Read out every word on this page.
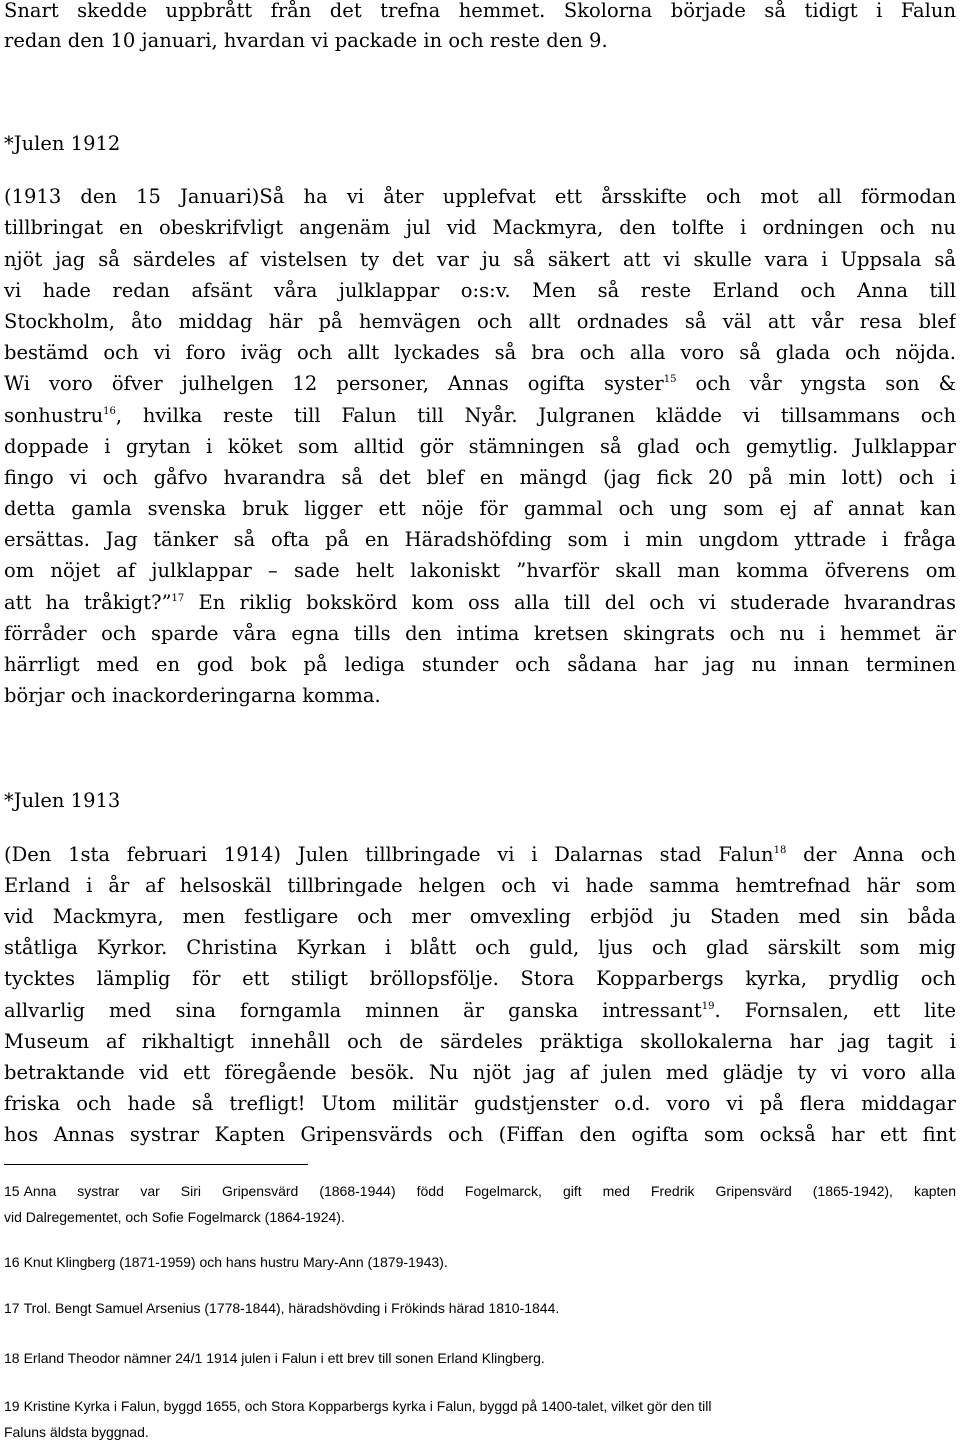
Snart skedde uppbrått från det trefna hemmet. Skolorna började så tidigt i Falun
redan den 10 januari, hvardan vi packade in och reste den 9.
*Julen 1912
(1913 den 15 Januari)Så ha vi åter upplefvat ett årsskifte och mot all förmodan
tillbringat en obeskrifvligt angenäm jul vid Mackmyra, den tolfte i ordningen och nu
njöt jag så särdeles af vistelsen ty det var ju så säkert att vi skulle vara i Uppsala så
vi hade redan afsänt våra julklappar o:s:v. Men så reste Erland och Anna till
Stockholm, åto middag här på hemvägen och allt ordnades så väl att vår resa blef
bestämd och vi foro iväg och allt lyckades så bra och alla voro så glada och nöjda.
Wi voro öfver julhelgen 12 personer, Annas ogifta syster$^{15}$ och vår yngsta son &
sonhustru$^{16}$, hvilka reste till Falun till Nyår. Julgranen klädde vi tillsammans och
doppade i grytan i köket som alltid gör stämningen så glad och gemytlig. Julklappar
fingo vi och gåfvo hvarandra så det blef en mängd (jag fick 20 på min lott) och i
detta gamla svenska bruk ligger ett nöje för gammal och ung som ej af annat kan
ersättas. Jag tänker så ofta på en Häradshöfding som i min ungdom yttrade i fråga
om nöjet af julklappar – sade helt lakoniskt ”hvarför skall man komma öfverens om
att ha tråkigt?”$^{17}$ En riklig bokskörd kom oss alla till del och vi studerade hvarandras
förråder och sparde våra egna tills den intima kretsen skingrats och nu i hemmet är
härrligt med en god bok på lediga stunder och sådana har jag nu innan terminen
börjar och inackorderingarna komma.
*Julen 1913
(Den 1sta februari 1914) Julen tillbringade vi i Dalarnas stad Falun$^{18}$ der Anna och
Erland i år af helsoskäl tillbringade helgen och vi hade samma hemtrefnad här som
vid Mackmyra, men festligare och mer omvexling erbjöd ju Staden med sin båda
ståtliga Kyrkor. Christina Kyrkan i blått och guld, ljus och glad särskilt som mig
tycktes lämplig för ett stiligt bröllopsfölje. Stora Kopparbergs kyrka, prydlig och
allvarlig med sina forngamla minnen är ganska intressant$^{19}$. Fornsalen, ett lite
Museum af rikhaltigt innehåll och de särdeles präktiga skollokalerna har jag tagit i
betraktande vid ett föregående besök. Nu njöt jag af julen med glädje ty vi voro alla
friska och hade så trefligt! Utom militär gudstjenster o.d. voro vi på flera middagar
hos Annas systrar Kapten Gripensvärds och (Fiffan den ogifta som också har ett fint
15 Anna systrar var Siri Gripensvärd (1868-1944) född Fogelmarck, gift med Fredrik Gripensvärd (1865-1942), kapten
vid Dalregementet, och Sofie Fogelmarck (1864-1924).
16 Knut Klingberg (1871-1959) och hans hustru Mary-Ann (1879-1943).
17 Trol. Bengt Samuel Arsenius (1778-1844), häradshövding i Frökinds härad 1810-1844.
18 Erland Theodor nämner 24/1 1914 julen i Falun i ett brev till sonen Erland Klingberg.
19 Kristine Kyrka i Falun, byggd 1655, och Stora Kopparbergs kyrka i Falun, byggd på 1400-talet, vilket gör den till
Faluns äldsta byggnad.
